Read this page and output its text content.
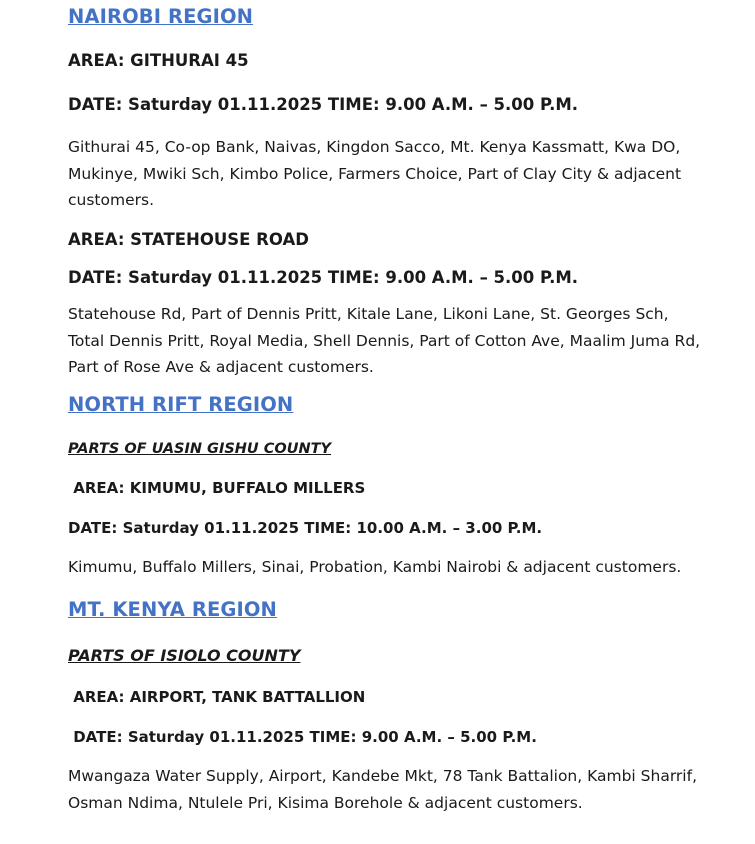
NAIROBI REGION
AREA: GITHURAI 45
DATE: Saturday 01.11.2025 TIME: 9.00 A.M. – 5.00 P.M.
Githurai 45, Co-op Bank, Naivas, Kingdon Sacco, Mt. Kenya Kassmatt, Kwa DO, Mukinye, Mwiki Sch, Kimbo Police, Farmers Choice, Part of Clay City & adjacent customers.
AREA: STATEHOUSE ROAD
DATE: Saturday 01.11.2025 TIME: 9.00 A.M. – 5.00 P.M.
Statehouse Rd, Part of Dennis Pritt, Kitale Lane, Likoni Lane, St. Georges Sch, Total Dennis Pritt, Royal Media, Shell Dennis, Part of Cotton Ave, Maalim Juma Rd, Part of Rose Ave & adjacent customers.
NORTH RIFT REGION
PARTS OF UASIN GISHU COUNTY
AREA: KIMUMU, BUFFALO MILLERS
DATE: Saturday 01.11.2025 TIME: 10.00 A.M. – 3.00 P.M.
Kimumu, Buffalo Millers, Sinai, Probation, Kambi Nairobi & adjacent customers.
MT. KENYA REGION
PARTS OF ISIOLO COUNTY
AREA: AIRPORT, TANK BATTALLION
DATE: Saturday 01.11.2025 TIME: 9.00 A.M. – 5.00 P.M.
Mwangaza Water Supply, Airport, Kandebe Mkt, 78 Tank Battalion, Kambi Sharrif, Osman Ndima, Ntulele Pri, Kisima Borehole & adjacent customers.
